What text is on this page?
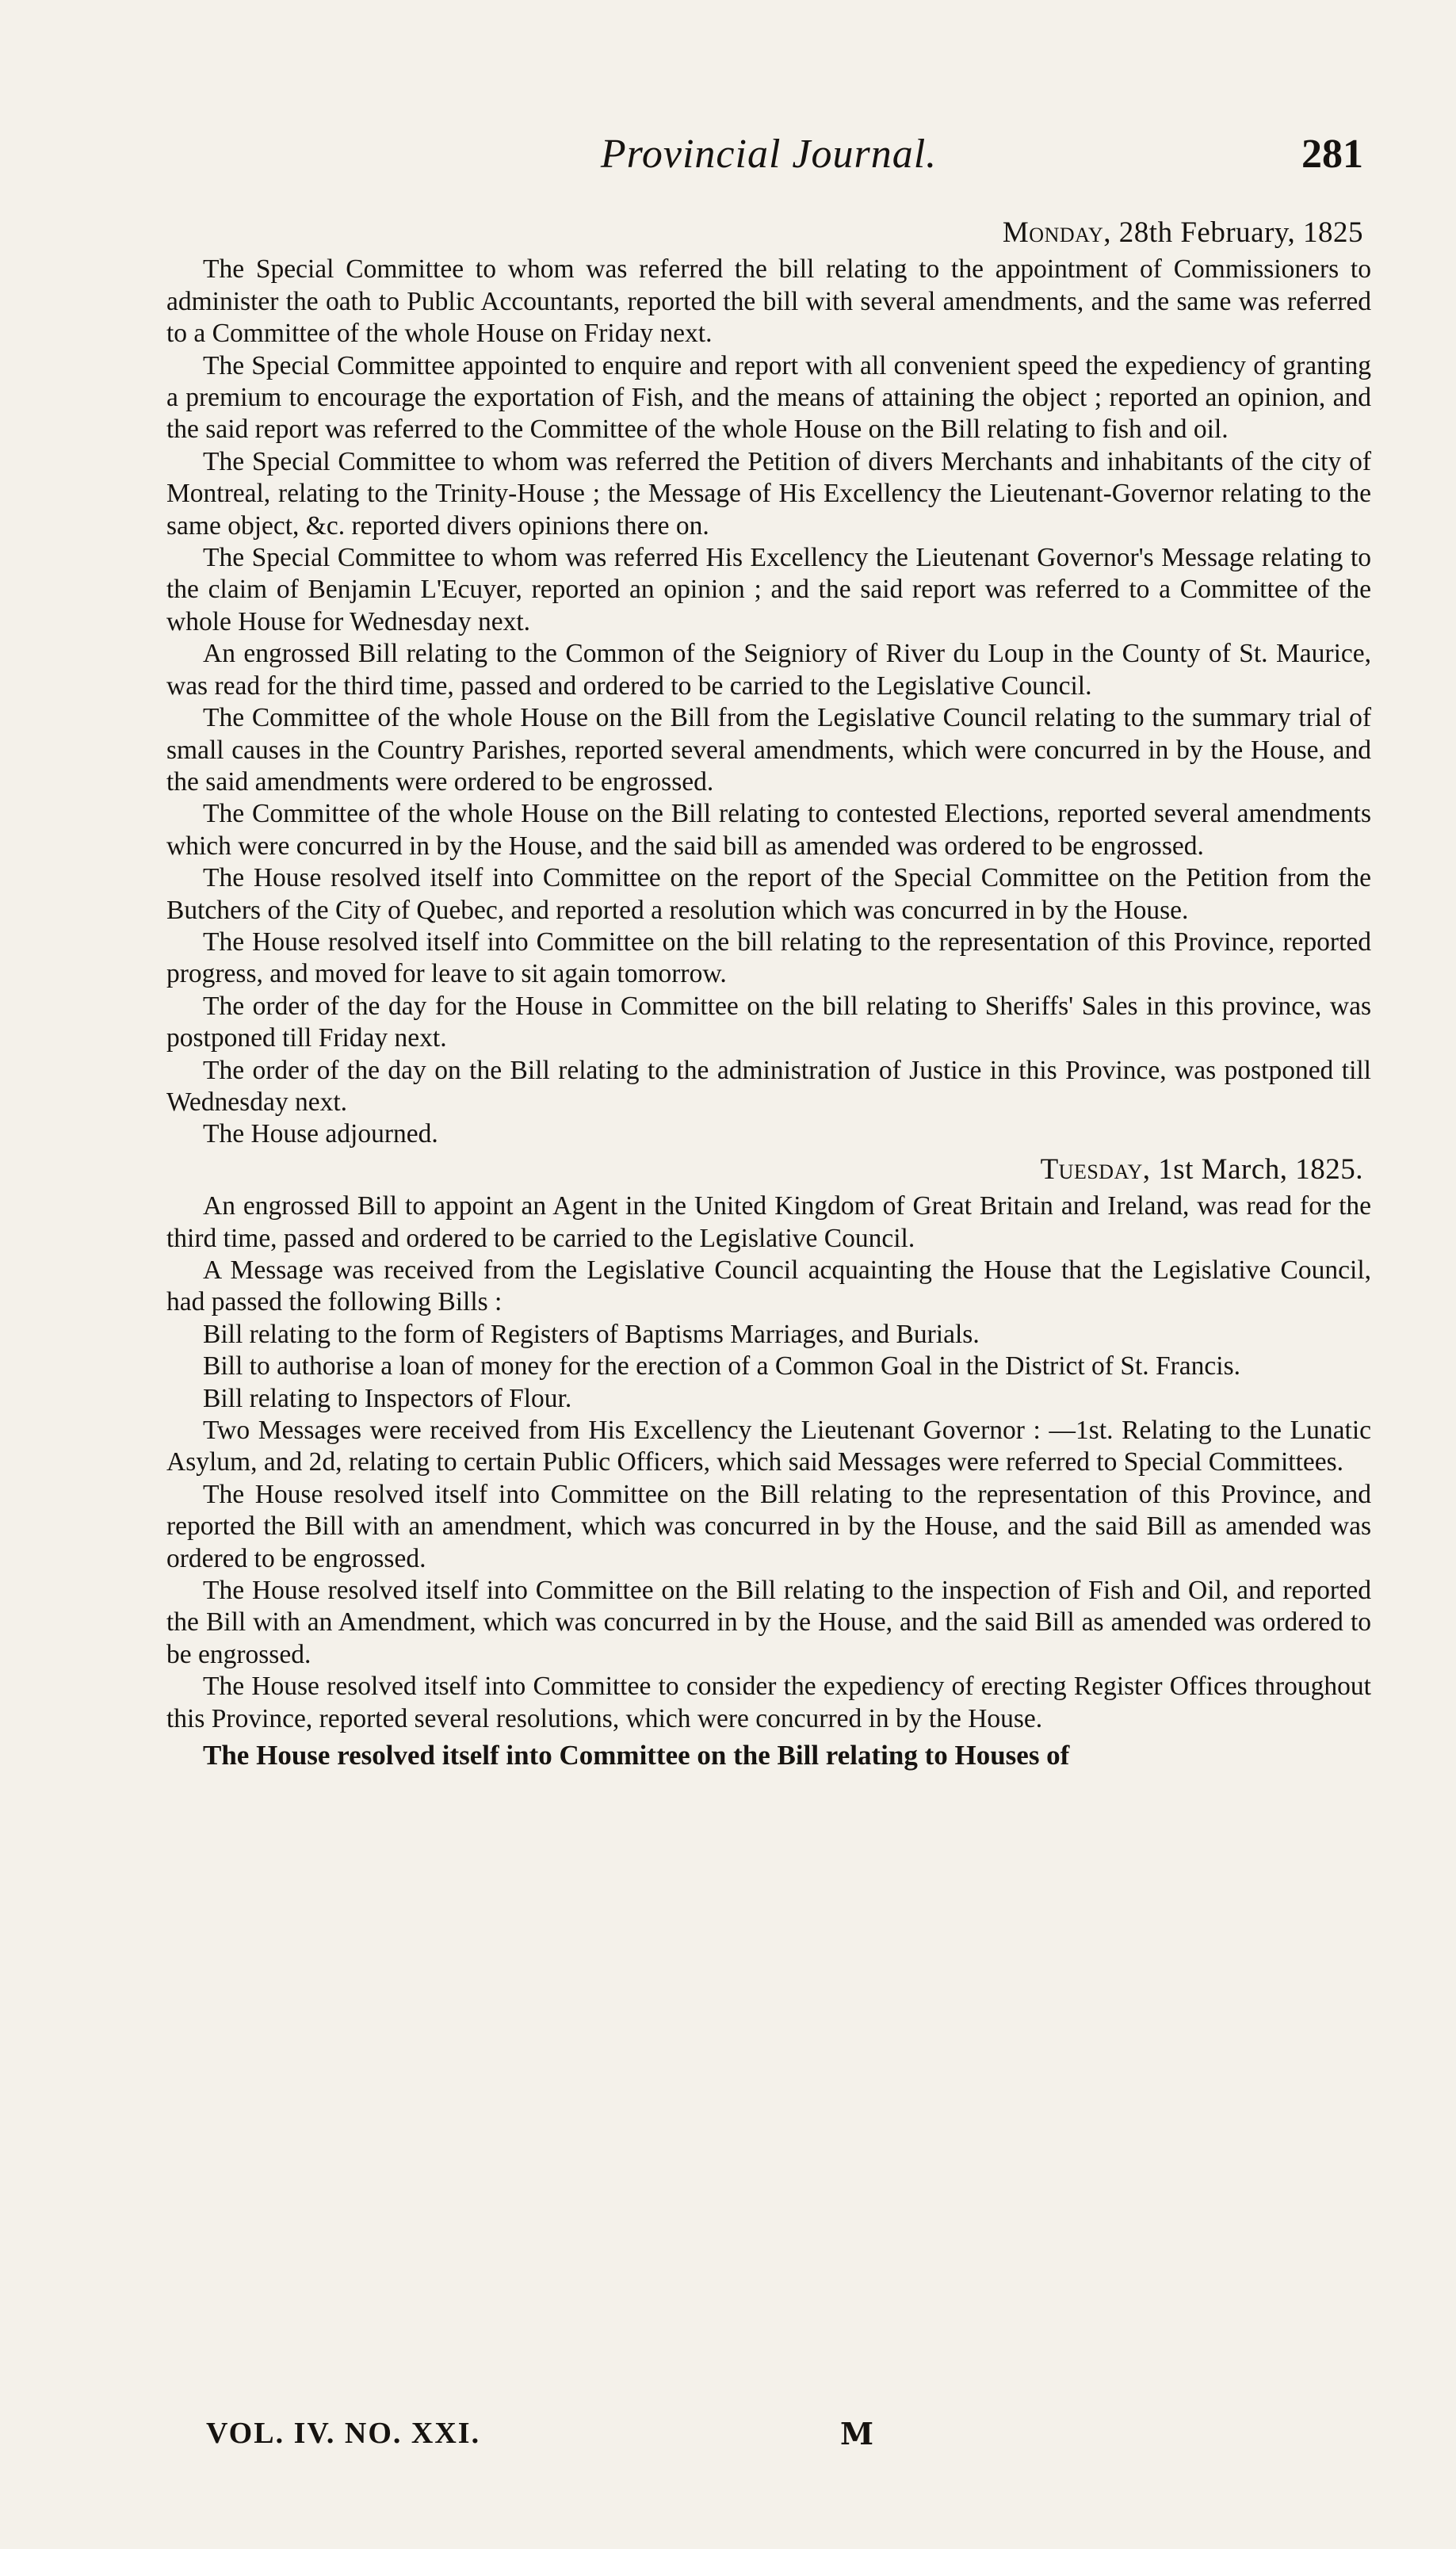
Provincial Journal.	281
Monday, 28th February, 1825

The Special Committee to whom was referred the bill relating to the appointment of Commissioners to administer the oath to Public Accountants, reported the bill with several amendments, and the same was referred to a Committee of the whole House on Friday next.

The Special Committee appointed to enquire and report with all convenient speed the expediency of granting a premium to encourage the exportation of Fish, and the means of attaining the object ; reported an opinion, and the said report was referred to the Committee of the whole House on the Bill relating to fish and oil.

The Special Committee to whom was referred the Petition of divers Merchants and inhabitants of the city of Montreal, relating to the Trinity-House ; the Message of His Excellency the Lieutenant-Governor relating to the same object, &c. reported divers opinions there on.

The Special Committee to whom was referred His Excellency the Lieutenant Governor's Message relating to the claim of Benjamin L'Ecuyer, reported an opinion ; and the said report was referred to a Committee of the whole House for Wednesday next.

An engrossed Bill relating to the Common of the Seigniory of River du Loup in the County of St. Maurice, was read for the third time, passed and ordered to be carried to the Legislative Council.

The Committee of the whole House on the Bill from the Legislative Council relating to the summary trial of small causes in the Country Parishes, reported several amendments, which were concurred in by the House, and the said amendments were ordered to be engrossed.

The Committee of the whole House on the Bill relating to contested Elections, reported several amendments which were concurred in by the House, and the said bill as amended was ordered to be engrossed.

The House resolved itself into Committee on the report of the Special Committee on the Petition from the Butchers of the City of Quebec, and reported a resolution which was concurred in by the House.

The House resolved itself into Committee on the bill relating to the representation of this Province, reported progress, and moved for leave to sit again tomorrow.

The order of the day for the House in Committee on the bill relating to Sheriffs' Sales in this province, was postponed till Friday next.

The order of the day on the Bill relating to the administration of Justice in this Province, was postponed till Wednesday next.

The House adjourned.

Tuesday, 1st March, 1825.

An engrossed Bill to appoint an Agent in the United Kingdom of Great Britain and Ireland, was read for the third time, passed and ordered to be carried to the Legislative Council.

A Message was received from the Legislative Council acquainting the House that the Legislative Council, had passed the following Bills :

Bill relating to the form of Registers of Baptisms Marriages, and Burials.

Bill to authorise a loan of money for the erection of a Common Goal in the District of St. Francis.

Bill relating to Inspectors of Flour.

Two Messages were received from His Excellency the Lieutenant Governor : —1st. Relating to the Lunatic Asylum, and 2d, relating to certain Public Officers, which said Messages were referred to Special Committees.

The House resolved itself into Committee on the Bill relating to the representation of this Province, and reported the Bill with an amendment, which was concurred in by the House, and the said Bill as amended was ordered to be engrossed.

The House resolved itself into Committee on the Bill relating to the inspection of Fish and Oil, and reported the Bill with an Amendment, which was concurred in by the House, and the said Bill as amended was ordered to be engrossed.

The House resolved itself into Committee to consider the expediency of erecting Register Offices throughout this Province, reported several resolutions, which were concurred in by the House.

The House resolved itself into Committee on the Bill relating to Houses of

VOL. IV. NO. XXI.	M
